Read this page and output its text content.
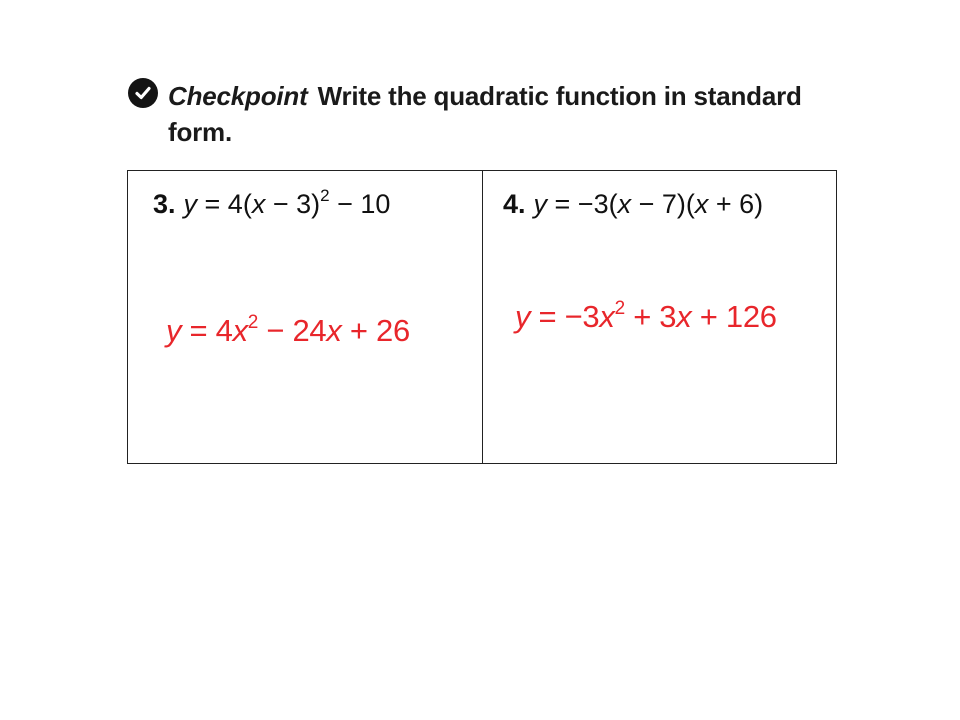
Checkpoint Write the quadratic function in standard form.
3. $y = 4(x - 3)^2 - 10$
$y = 4x^2 - 24x + 26$
4. y = −3(x − 7)(x + 6)
$y = -3x^2 + 3x + 126$
